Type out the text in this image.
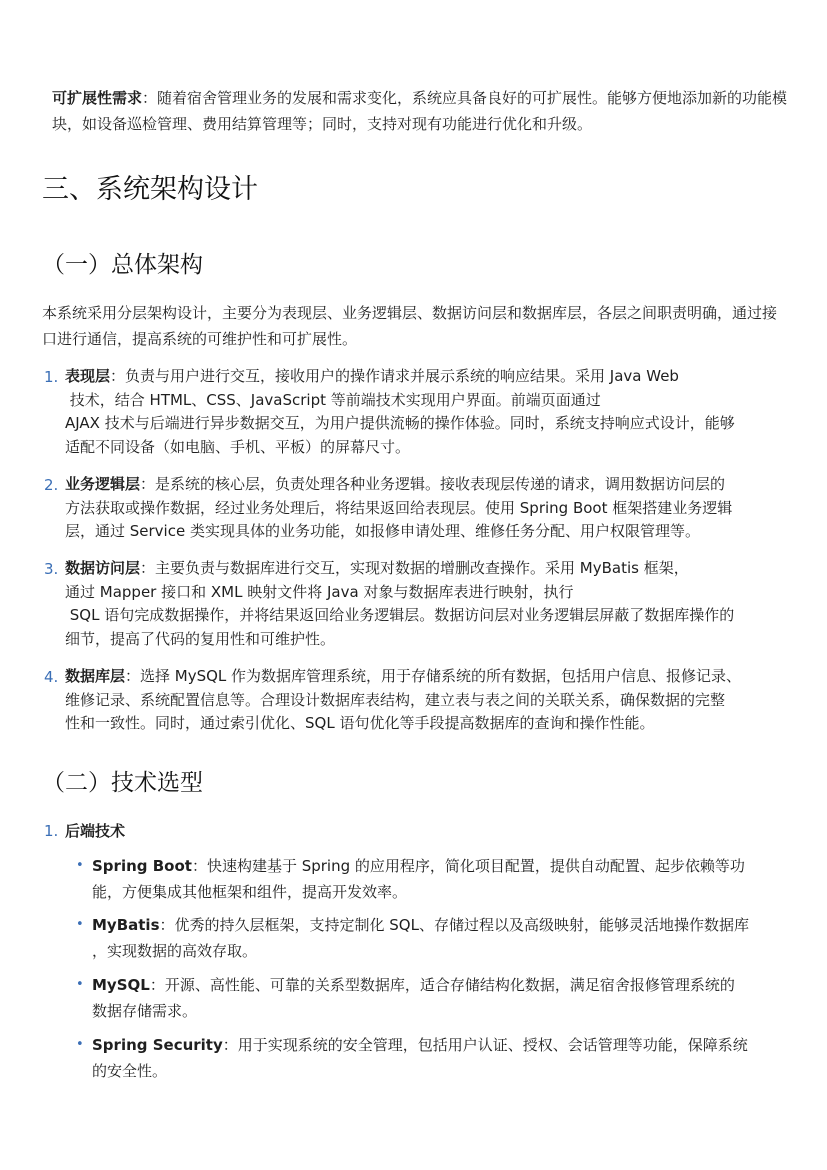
可扩展性需求：随着宿舍管理业务的发展和需求变化，系统应具备良好的可扩展性。能够方便地添加新的功能模块，如设备巡检管理、费用结算管理等；同时，支持对现有功能进行优化和升级。

三、系统架构设计
（一）总体架构

本系统采用分层架构设计，主要分为表现层、业务逻辑层、数据访问层和数据库层，各层之间职责明确，通过接口进行通信，提高系统的可维护性和可扩展性。

1. 表现层：负责与用户进行交互，接收用户的操作请求并展示系统的响应结果。采用 Java Web
技术，结合 HTML、CSS、JavaScript 等前端技术实现用户界面。前端页面通过
AJAX 技术与后端进行异步数据交互，为用户提供流畅的操作体验。同时，系统支持响应式设计，能够
适配不同设备（如电脑、手机、平板）的屏幕尺寸。
2. 业务逻辑层：是系统的核心层，负责处理各种业务逻辑。接收表现层传递的请求，调用数据访问层的
方法获取或操作数据，经过业务处理后，将结果返回给表现层。使用 Spring Boot 框架搭建业务逻辑
层，通过 Service 类实现具体的业务功能，如报修申请处理、维修任务分配、用户权限管理等。
3. 数据访问层：主要负责与数据库进行交互，实现对数据的增删改查操作。采用 MyBatis 框架，
通过 Mapper 接口和 XML 映射文件将 Java 对象与数据库表进行映射，执行
SQL 语句完成数据操作，并将结果返回给业务逻辑层。数据访问层对业务逻辑层屏蔽了数据库操作的
细节，提高了代码的复用性和可维护性。
4. 数据库层：选择 MySQL 作为数据库管理系统，用于存储系统的所有数据，包括用户信息、报修记录、
维修记录、系统配置信息等。合理设计数据库表结构，建立表与表之间的关联关系，确保数据的完整
性和一致性。同时，通过索引优化、SQL 语句优化等手段提高数据库的查询和操作性能。
（二）技术选型
1. 后端技术
• Spring Boot：快速构建基于 Spring 的应用程序，简化项目配置，提供自动配置、起步依赖等功
能，方便集成其他框架和组件，提高开发效率。
• MyBatis：优秀的持久层框架，支持定制化 SQL、存储过程以及高级映射，能够灵活地操作数据库
，实现数据的高效存取。
• MySQL：开源、高性能、可靠的关系型数据库，适合存储结构化数据，满足宿舍报修管理系统的
数据存储需求。
• Spring Security：用于实现系统的安全管理，包括用户认证、授权、会话管理等功能，保障系统
的安全性。
